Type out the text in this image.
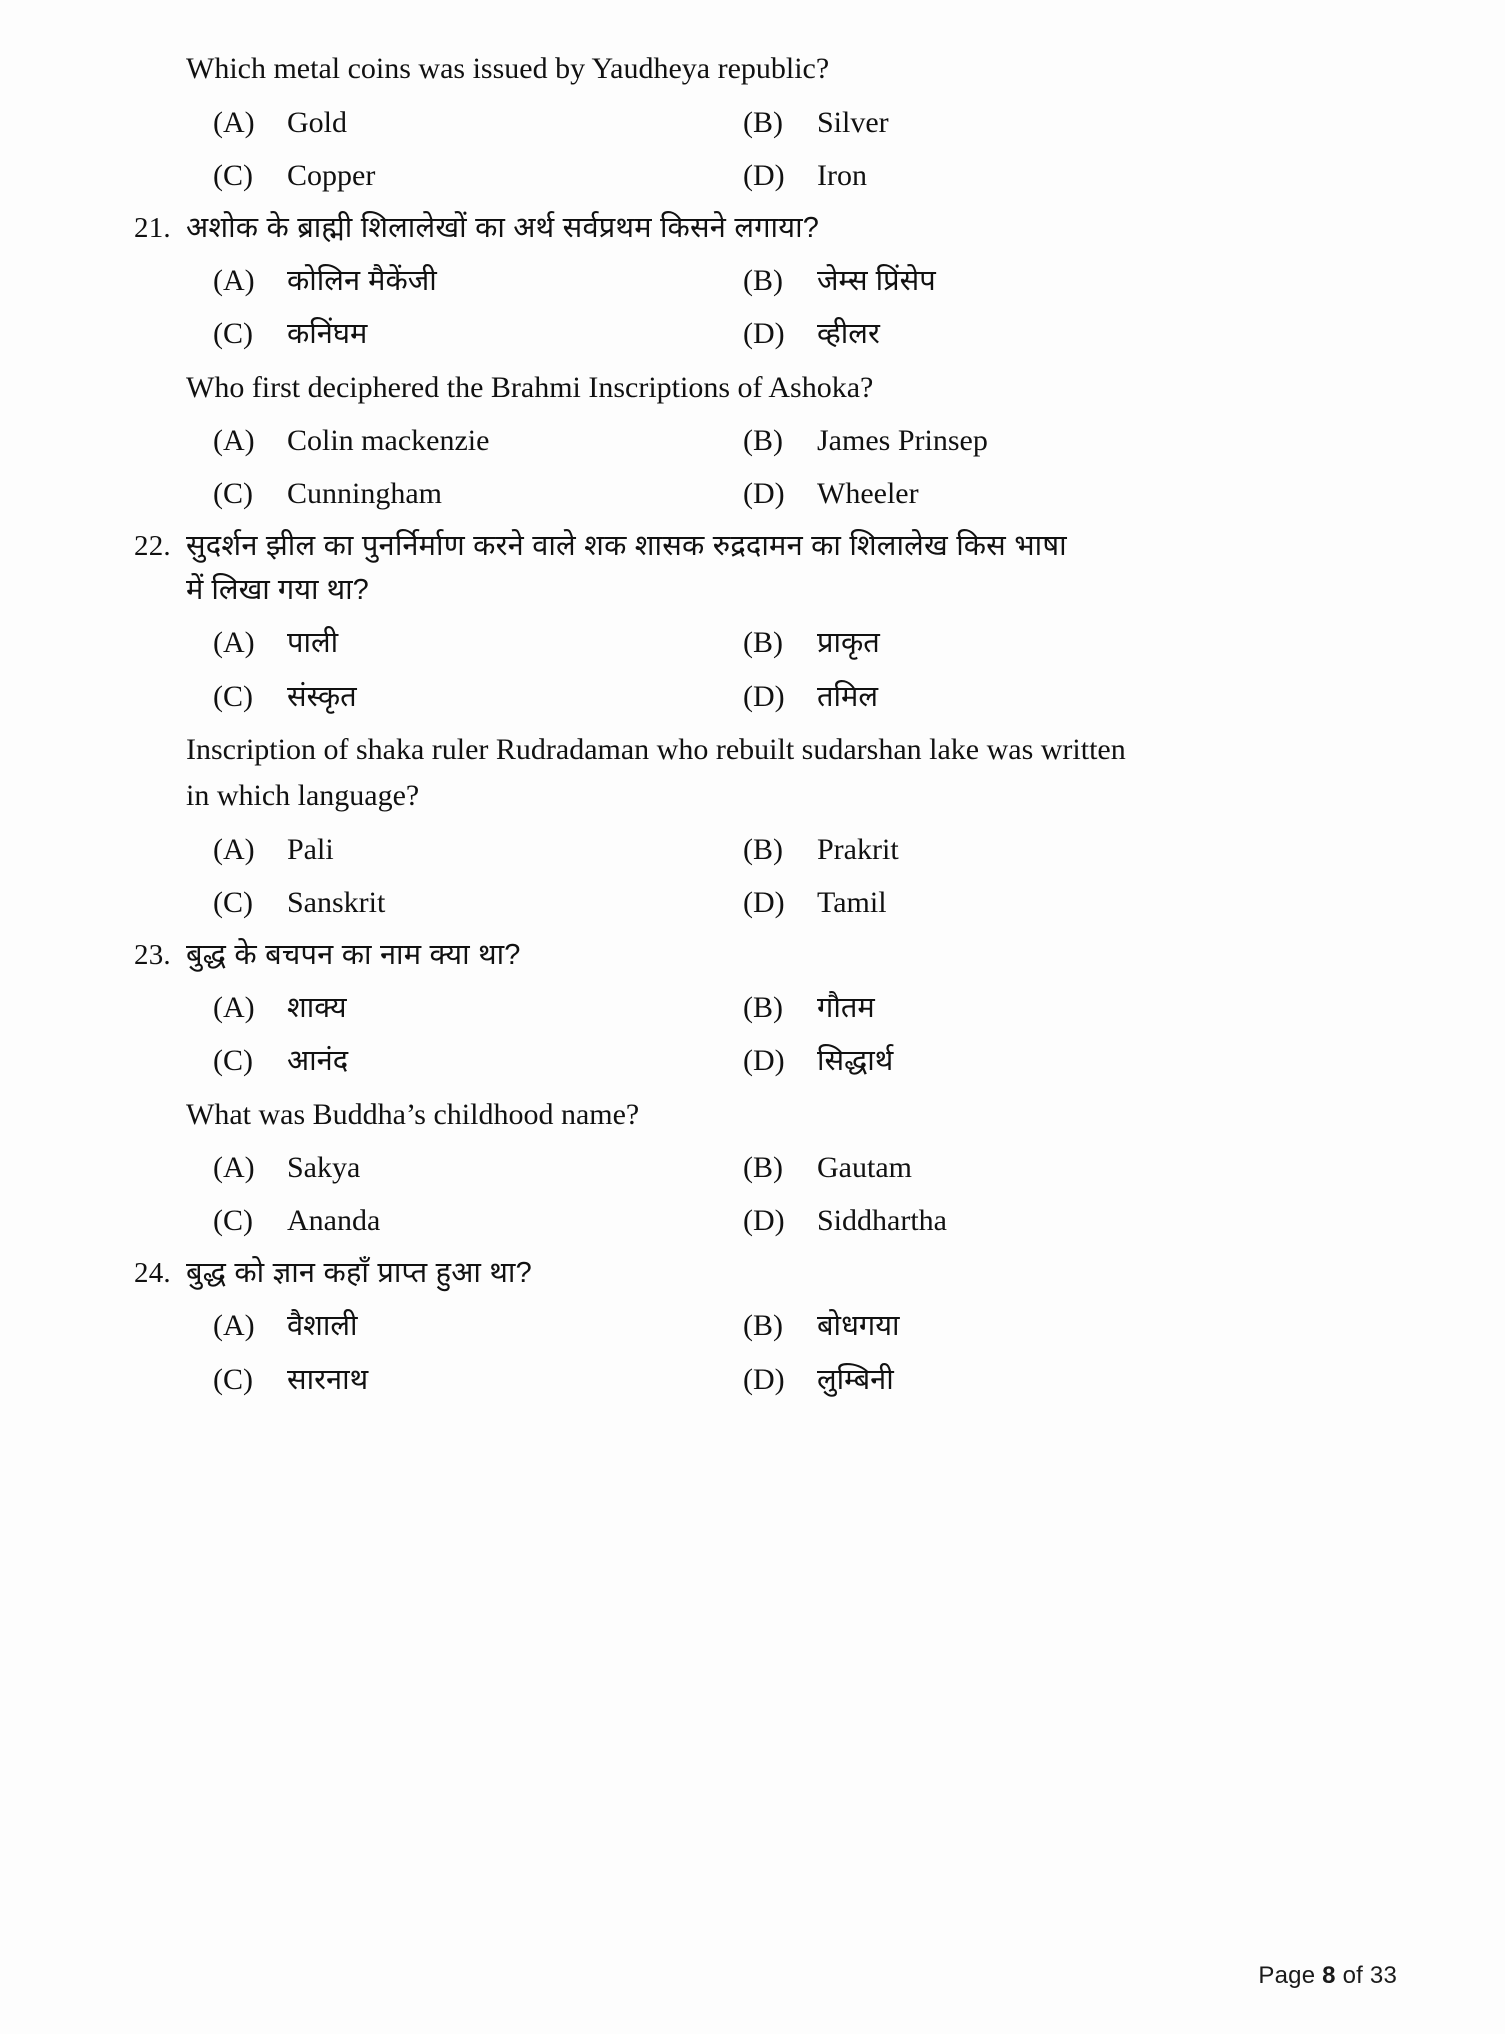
Which metal coins was issued by Yaudheya republic?
(A)	Gold	(B)	Silver
(C)	Copper	(D)	Iron
21. अशोक के ब्राह्मी शिलालेखों का अर्थ सर्वप्रथम किसने लगाया?
(A)	कोलिन मैकेंजी	(B)	जेम्स प्रिंसेप
(C)	कनिंघम	(D)	व्हीलर
Who first deciphered the Brahmi Inscriptions of Ashoka?
(A)	Colin mackenzie	(B)	James Prinsep
(C)	Cunningham	(D)	Wheeler
22. सुदर्शन झील का पुनर्निर्माण करने वाले शक शासक रुद्रदामन का शिलालेख किस भाषा
में लिखा गया था?
(A)	पाली	(B)	प्राकृत
(C)	संस्कृत	(D)	तमिल
Inscription of shaka ruler Rudradaman who rebuilt sudarshan lake was written
in which language?
(A)	Pali	(B)	Prakrit
(C)	Sanskrit	(D)	Tamil
23. बुद्ध के बचपन का नाम क्या था?
(A)	शाक्य	(B)	गौतम
(C)	आनंद	(D)	सिद्धार्थ
What was Buddha’s childhood name?
(A)	Sakya	(B)	Gautam
(C)	Ananda	(D)	Siddhartha
24. बुद्ध को ज्ञान कहाँ प्राप्त हुआ था?
(A)	वैशाली	(B)	बोधगया
(C)	सारनाथ	(D)	लुम्बिनी
Page 8 of 33
